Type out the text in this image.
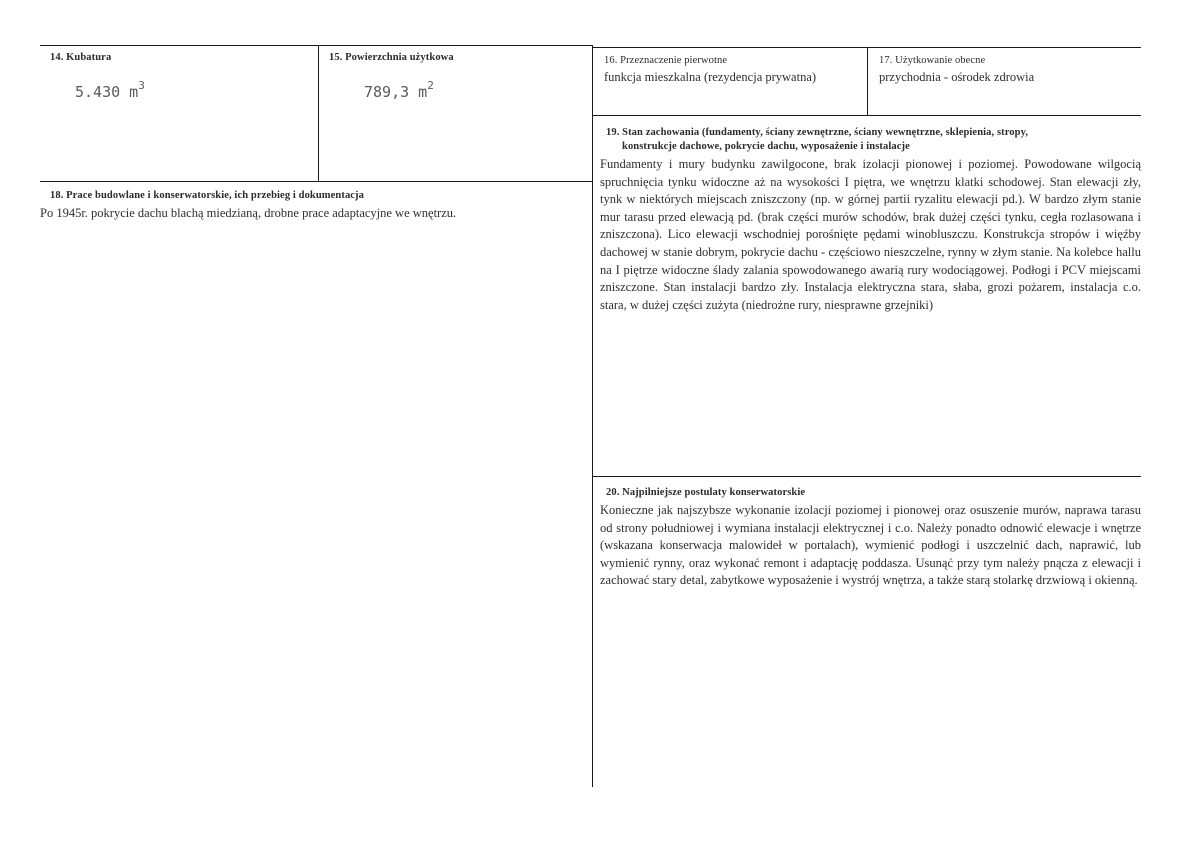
14. Kubatura
5.430 $m^3$
15. Powierzchnia użytkowa
789,3 $m^2$
16. Przeznaczenie pierwotne
funkcja mieszkalna (rezydencja prywatna)
17. Użytkowanie obecne
przychodnia - ośrodek zdrowia
19. Stan zachowania (fundamenty, ściany zewnętrzne, ściany wewnętrzne, sklepienia, stropy,
konstrukcje dachowe, pokrycie dachu, wyposażenie i instalacje
Fundamenty i mury budynku zawilgocone, brak izolacji pionowej i poziomej. Powodowane wilgocią spruchnięcia tynku widoczne aż na wysokości I piętra, we wnętrzu klatki schodowej. Stan elewacji zły, tynk w niektórych miejscach zniszczony (np. w górnej partii ryzalitu elewacji pd.). W bardzo złym stanie mur tarasu przed elewacją pd. (brak części murów schodów, brak dużej części tynku, cegła rozlasowana i zniszczona). Lico elewacji wschodniej porośnięte pędami winobluszczu. Konstrukcja stropów i więźby dachowej w stanie dobrym, pokrycie dachu - częściowo nieszczelne, rynny w złym stanie. Na kolebce hallu na I piętrze widoczne ślady zalania spowodowanego awarią rury wodociągowej. Podłogi i PCV miejscami zniszczone. Stan instalacji bardzo zły. Instalacja elektryczna stara, słaba, grozi pożarem, instalacja c.o. stara, w dużej części zużyta (niedrożne rury, niesprawne grzejniki)
18. Prace budowlane i konserwatorskie, ich przebieg i dokumentacja
Po 1945r. pokrycie dachu blachą miedzianą, drobne prace adaptacyjne we wnętrzu.
20. Najpilniejsze postulaty konserwatorskie
Konieczne jak najszybsze wykonanie izolacji poziomej i pionowej oraz osuszenie murów, naprawa tarasu od strony południowej i wymiana instalacji elektrycznej i c.o. Należy ponadto odnowić elewacje i wnętrze (wskazana konserwacja malowideł w portalach), wymienić podłogi i uszczelnić dach, naprawić, lub wymienić rynny, oraz wykonać remont i adaptację poddasza. Usunąć przy tym należy pnącza z elewacji i zachować stary detal, zabytkowe wyposażenie i wystrój wnętrza, a także starą stolarkę drzwiową i okienną.
